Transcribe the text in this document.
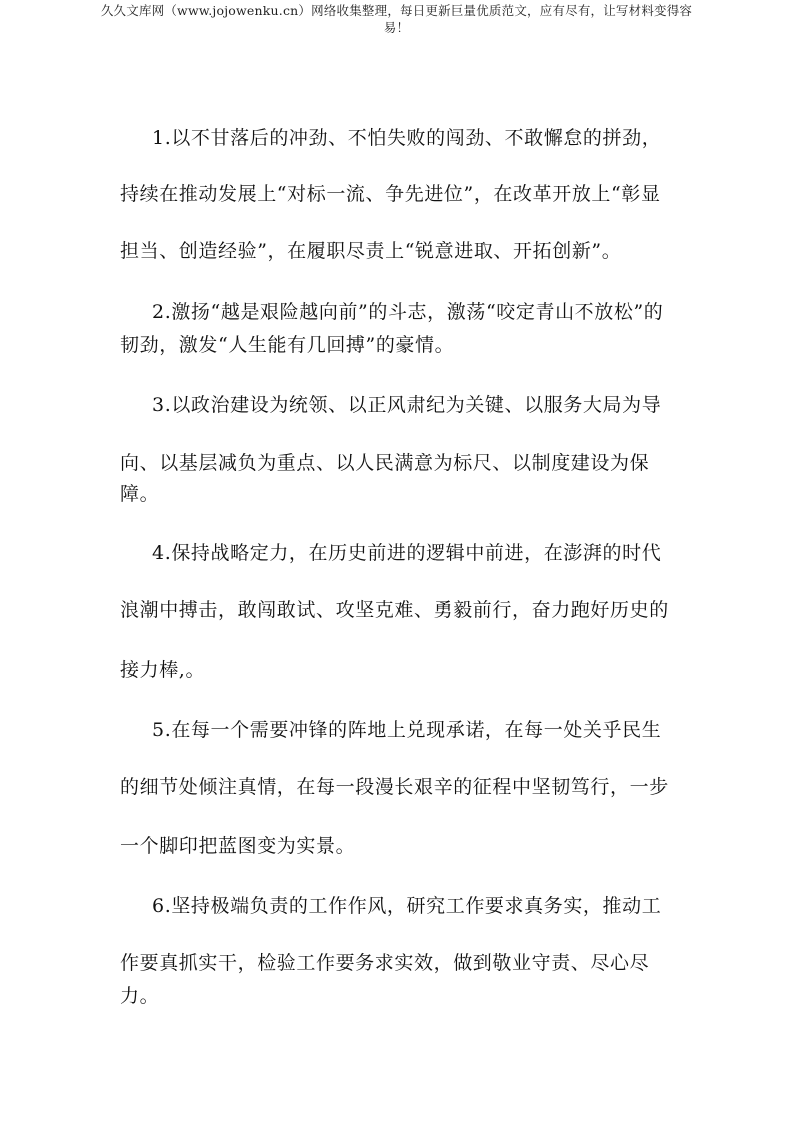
久久文库网（www.jojowenku.cn）网络收集整理，每日更新巨量优质范文，应有尽有，让写材料变得容
易！
1.以不甘落后的冲劲、不怕失败的闯劲、不敢懈怠的拼劲，
持续在推动发展上“对标一流、争先进位”，在改革开放上“彰显
担当、创造经验”，在履职尽责上“锐意进取、开拓创新”。
2.激扬“越是艰险越向前”的斗志，激荡“咬定青山不放松”的
韧劲，激发“人生能有几回搏”的豪情。
3.以政治建设为统领、以正风肃纪为关键、以服务大局为导
向、以基层减负为重点、以人民满意为标尺、以制度建设为保
障。
4.保持战略定力，在历史前进的逻辑中前进，在澎湃的时代
浪潮中搏击，敢闯敢试、攻坚克难、勇毅前行，奋力跑好历史的
接力棒,。
5.在每一个需要冲锋的阵地上兑现承诺，在每一处关乎民生
的细节处倾注真情，在每一段漫长艰辛的征程中坚韧笃行，一步
一个脚印把蓝图变为实景。
6.坚持极端负责的工作作风，研究工作要求真务实，推动工
作要真抓实干，检验工作要务求实效，做到敬业守责、尽心尽
力。
